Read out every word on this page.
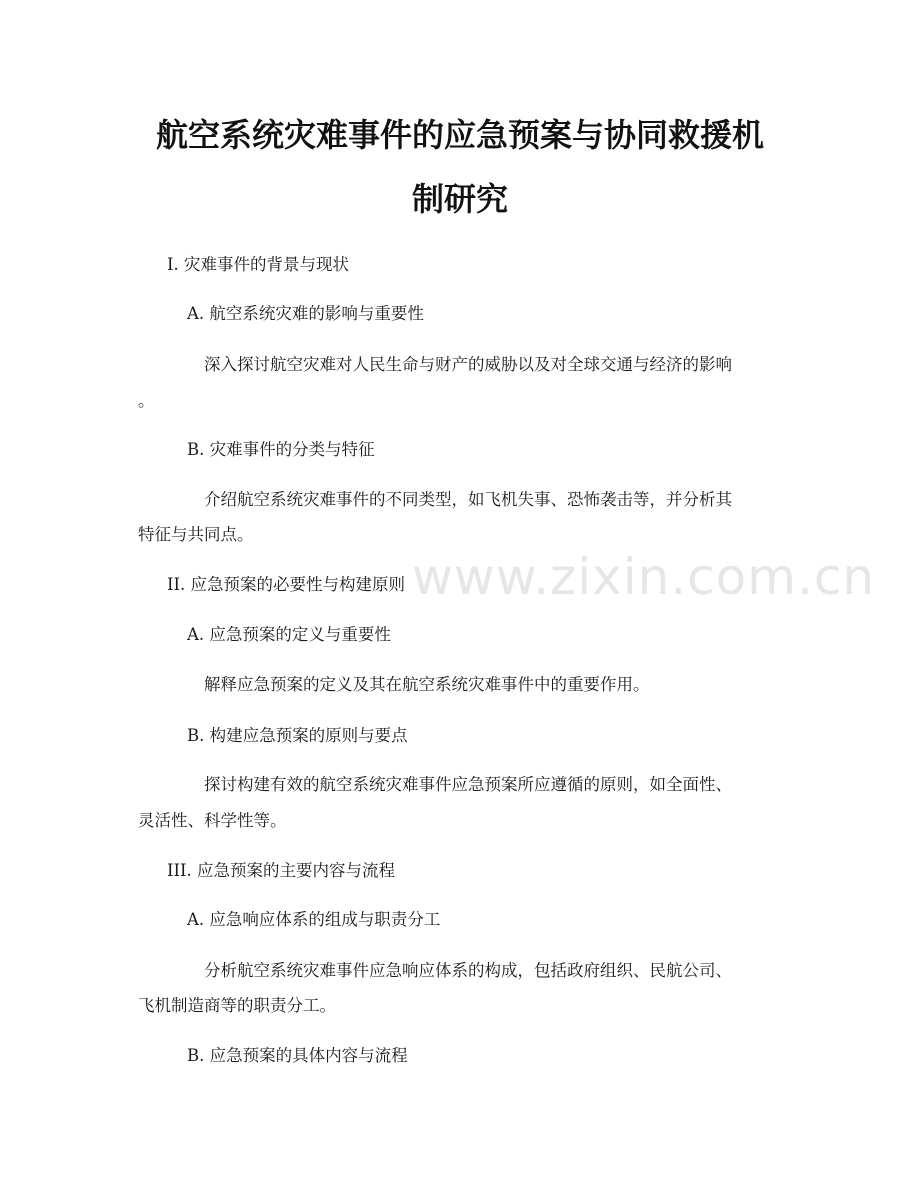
航空系统灾难事件的应急预案与协同救援机
制研究
www.zixin.com.cn

I. 灾难事件的背景与现状

A. 航空系统灾难的影响与重要性

深入探讨航空灾难对人民生命与财产的威胁以及对全球交通与经济的影响

。

B. 灾难事件的分类与特征

介绍航空系统灾难事件的不同类型，如飞机失事、恐怖袭击等，并分析其

特征与共同点。

II. 应急预案的必要性与构建原则

A. 应急预案的定义与重要性

解释应急预案的定义及其在航空系统灾难事件中的重要作用。

B. 构建应急预案的原则与要点

探讨构建有效的航空系统灾难事件应急预案所应遵循的原则，如全面性、

灵活性、科学性等。

III. 应急预案的主要内容与流程

A. 应急响应体系的组成与职责分工

分析航空系统灾难事件应急响应体系的构成，包括政府组织、民航公司、

飞机制造商等的职责分工。

B. 应急预案的具体内容与流程
